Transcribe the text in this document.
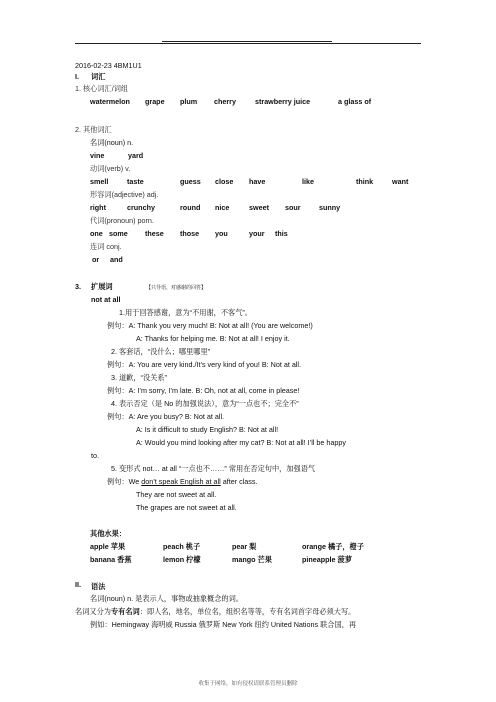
2016-02-23 4BM1U1
I. 词汇
1. 核心词汇/词组
watermelon grape plum cherry	strawberry juice	a glass of
2. 其他词汇
名词(noun) n.
vine	yard
动词(verb) v.
smell	taste	guess close have	like	think	want
形容词(adjective) adj.
right	crunchy	round nice	sweet sour	sunny
代词(pronoun) porn.
one some these those you	your this
连词 conj.
or and
3. 扩展词	【只导语，对感谢的回答】
not at all
1.用于回答感谢，意为“不用谢，不客气”。
例句：A: Thank you very much! B: Not at all! (You are welcome!)
A: Thanks for helping me. B: Not at all! I enjoy it.
2. 客套话，“没什么；哪里哪里”
例句：A: You are very kind./It’s very kind of you! B: Not at all.
3. 道歉，“没关系”
例句：A: I’m sorry, I’m late. B: Oh, not at all, come in please!
4. 表示否定（是 No 的加强说法），意为“一点也不；完全不”
例句：A: Are you busy? B: Not at all.
A: Is it difficult to study English? B: Not at all!
A: Would you mind looking after my cat? B: Not at all! I’ll be happy
to.
5. 变形式 not… at all “一点也不……” 常用在否定句中，加强语气
例句：We don’t speak English at all after class.
They are not sweet at all.
The grapes are not sweet at all.
其他水果：
apple 苹果	peach 桃子	pear 梨	orange 橘子，橙子
banana 香蕉	lemon 柠檬	mango 芒果	pineapple 菠萝
II. 语法
名词(noun) n. 是表示人，事物或抽象概念的词。
名词又分为专有名词：即人名，地名，单位名，组织名等等，专有名词首字母必须大写。
例如：Hemingway 海明威 Russia 俄罗斯 New York 纽约 United Nations 联合国，再
收集于网络，如有侵权请联系管理员删除
